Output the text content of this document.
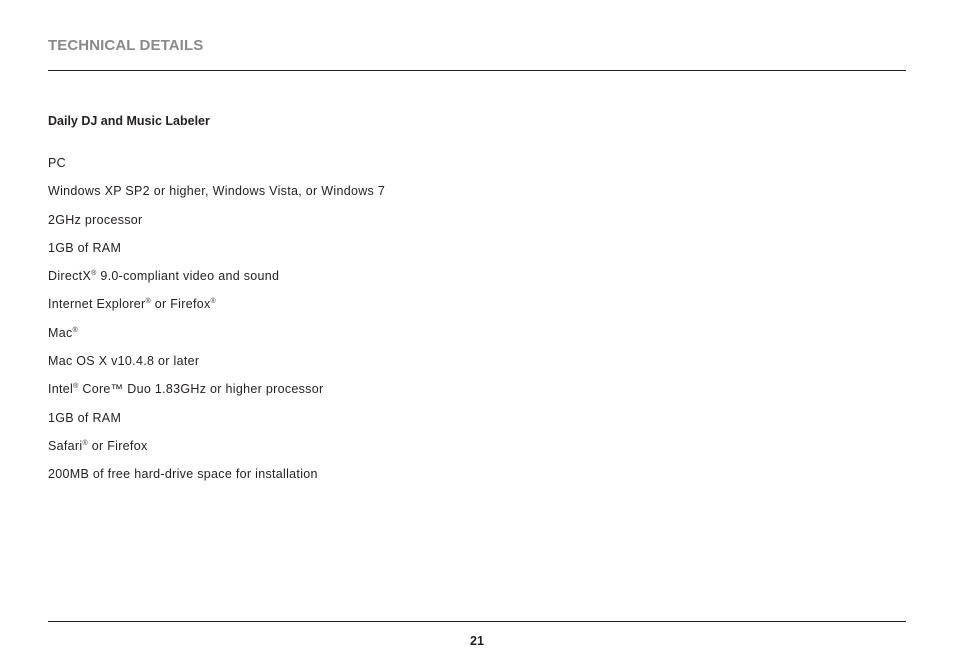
TECHNICAL DETAILS
Daily DJ and Music Labeler
PC
Windows XP SP2 or higher, Windows Vista, or Windows 7
2GHz processor
1GB of RAM
DirectX® 9.0-compliant video and sound
Internet Explorer® or Firefox®
Mac®
Mac OS X v10.4.8 or later
Intel® Core™ Duo 1.83GHz or higher processor
1GB of RAM
Safari® or Firefox
200MB of free hard-drive space for installation
21
